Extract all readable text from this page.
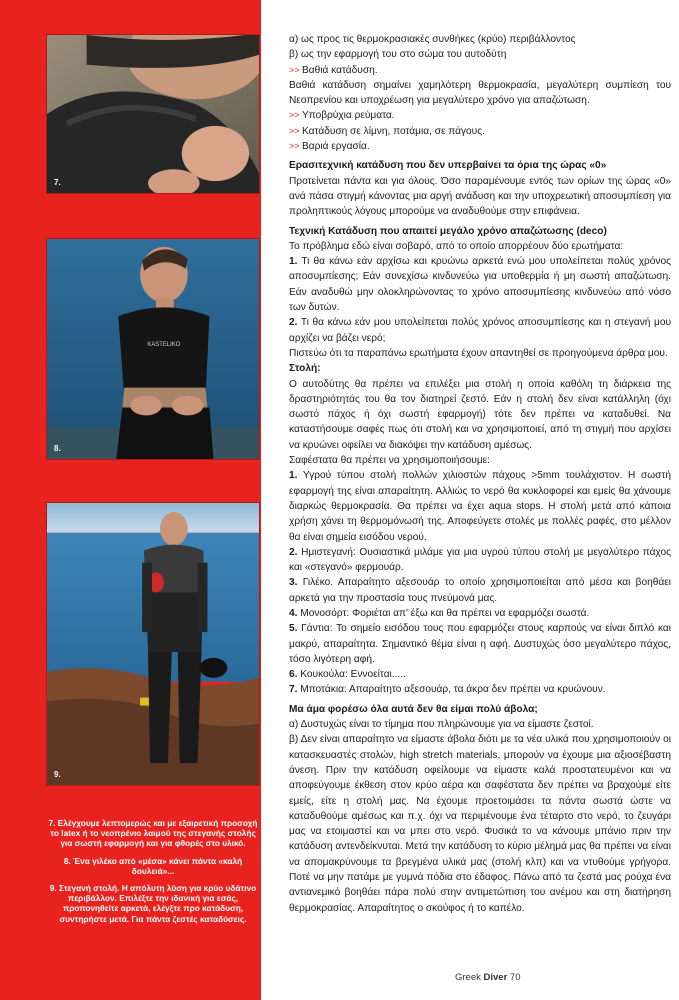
7.
KASTELIKO
8.
9.

7. Ελέγχουμε λεπτομερώς και με εξαιρετική προσοχή τo latex ή το νεοπρένιο λαιμού της στεγανής στολής για σωστή εφαρμογή και για φθορές στο υλικό.

8. Ένα γιλέκο από «μέσα» κάνει πάντα «καλή δουλειά»...

9. Στεγανή στολή. Η απόλυτη λύση για κρύο υδάτινο περιβάλλον. Επιλέξτε την ιδανική για εσάς, προπονηθείτε αρκετά, ελέγξτε προ κατάδυση, συντηρήστε μετά. Για πάντα ζεστές καταδύσεις.

α) ως προς τις θερμοκρασιακές συνθήκες (κρύο) περιβάλλοντος

β) ως την εφαρμογή του στο σώμα του αυτοδύτη

>> Βαθιά κατάδυση.

Βαθιά κατάδυση σημαίνει χαμηλότερη θερμοκρασία, μεγαλύτερη συμπίεση του Νεοπρενίου και υποχρέωση για μεγαλύτερο χρόνο για απαζώτωση.

>> Υποβρύχια ρεύματα.

>> Κατάδυση σε λίμνη, ποτάμια, σε πάγους.

>> Βαριά εργασία.

Ερασιτεχνική κατάδυση που δεν υπερβαίνει τα όρια της ώρας «0»

Προτείνεται πάντα και για όλους. Όσο παραμένουμε εντός των ορίων της ώρας «0» ανά πάσα στιγμή κάνοντας μια αργή ανάδυση και την υποχρεωτική αποσυμπίεση για προληπτικούς λόγους μπορούμε να αναδυθούμε στην επιφάνεια.

Τεχνική Κατάδυση που απαιτεί μεγάλο χρόνο απαζώτωσης (deco)

Το πρόβλημα εδώ είναι σοβαρό, από το οποίο απορρέουν δύο ερωτήματα:

1. Τι θα κάνω εάν αρχίσω και κρυώνω αρκετά ενώ μου υπολείπεται πολύς χρόνος αποσυμπίεσης; Εάν συνεχίσω κινδυνεύω για υποθερμία ή μη σωστή απαζώτωση. Εάν αναδυθώ μην ολοκληρώνοντας το χρόνο αποσυμπίεσης κινδυνεύω από νόσο των δυτών.

2. Τι θα κάνω εάν μου υπολείπεται πολύς χρόνος αποσυμπίεσης και η στεγανή μου αρχίζει να βάζει νερό;

Πιστεύω ότι τα παραπάνω ερωτήματα έχουν απαντηθεί σε προηγούμενα άρθρα μου.

Στολή:

Ο αυτοδύτης θα πρέπει να επιλέξει μια στολή η οποία καθόλη τη διάρκεια της δραστηριότητάς του θα τον διατηρεί ζεστό. Εάν η στολή δεν είναι κατάλληλη (όχι σωστό πάχος ή όχι σωστή εφαρμογή) τότε δεν πρέπει να καταδυθεί. Να καταστήσουμε σαφές πως ότι στολή και να χρησιμοποιεί, από τη στιγμή που αρχίσει να κρυώνει οφείλει να διακόψει την κατάδυση αμέσως.

Σαφέστατα θα πρέπει να χρησιμοποιήσουμε:

1. Υγρού τύπου στολή πολλών χιλιοστών πάχους >5mm τουλάχιστον. Η σωστή εφαρμογή της είναι απαραίτητη. Αλλιώς το νερό θα κυκλοφορεί και εμείς θα χάνουμε διαρκώς θερμοκρασία. Θα πρέπει να έχει aqua stops. Η στολή μετά από κάποια χρήση χάνει τη θερμομόνωσή της. Αποφεύγετε στολές με πολλές ραφές, στο μέλλον θα είναι σημεία εισόδου νερού.

2. Ημιστεγανή: Ουσιαστικά μιλάμε για μια υγρού τύπου στολή με μεγαλύτερο πάχος και «στεγανό» φερμουάρ.

3. Γιλέκο. Απαραίτητο αξεσουάρ το οποίο χρησιμοποιείται από μέσα και βοηθάει αρκετά για την προστασία τους πνεύμονά μας.

4. Μονοσόρτ: Φοριέται απ' έξω και θα πρέπει να εφαρμόζει σωστά.

5. Γάντια: Το σημείο εισόδου τους που εφαρμόζει στους καρπούς να είναι διπλό και μακρύ, απαραίτητα. Σημαντικό θέμα είναι η αφή. Δυστυχώς όσο μεγαλύτερο πάχος, τόσο λιγότερη αφή.

6. Κουκούλα: Εννοείται.....

7. Μποτάκια: Απαραίτητο αξεσουάρ, τα άκρα δεν πρέπει να κρυώνουν.

Μα άμα φορέσω όλα αυτά δεν θα είμαι πολύ άβολα;

α) Δυστυχώς είναι το τίμημα που πληρώνουμε για να είμαστε ζεστοί.

β) Δεν είναι απαραίτητο να είμαστε άβολα διότι με τα νέα υλικά που χρησιμοποιούν οι κατασκευαστές στολών, high stretch materials, μπορούν να έχουμε μια αξιοσέβαστη άνεση. Πριν την κατάδυση οφείλουμε να είμαστε καλά προστατευμένοι και να αποφεύγουμε έκθεση στον κρύο αέρα και σαφέστατα δεν πρέπει να βραχούμε είτε εμείς, είτε η στολή μας. Να έχουμε προετοιμάσει τα πάντα σωστά ώστε να καταδυθούμε αμέσως και π.χ. όχι να περιμένουμε ένα τέταρτο στο νερό, το ζευγάρι μας να ετοιμαστεί και να μπει στο νερό. Φυσικά το να κάνουμε μπάνιο πριν την κατάδυση αντενδείκνυται. Μετά την κατάδυση το κύριο μέλημά μας θα πρέπει να είναι να απομακρύνουμε τα βρεγμένα υλικά μας (στολή κλπ) και να ντυθούμε γρήγορα. Ποτέ να μην πατάμε με γυμνά πόδια στο έδαφος. Πάνω από τα ζεστά μας ρούχα ένα αντιανεμικό βοηθάει πάρα πολύ στην αντιμετώπιση του ανέμου και στη διατήρηση θερμοκρασίας. Απαραίτητος ο σκούφος ή το καπέλο.

Greek Diver 70
